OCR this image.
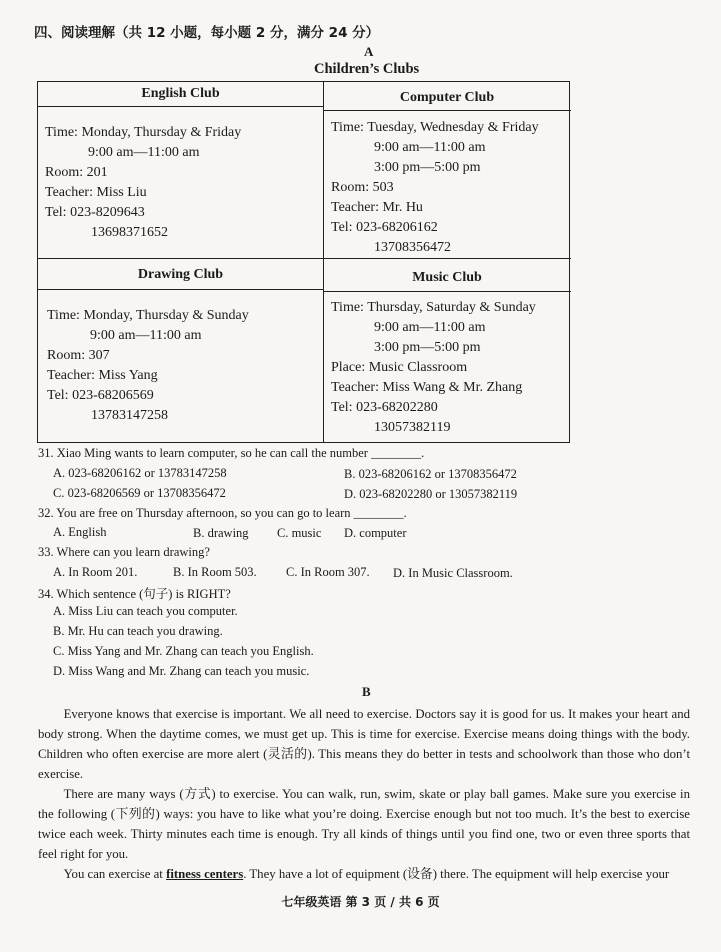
四、阅读理解（共 12 小题，每小题 2 分，满分 24 分）
A
Children’s Clubs
English Club
Time: Monday, Thursday & Friday
9:00 am—11:00 am
Room: 201
Teacher: Miss Liu
Tel: 023-8209643
13698371652
Computer Club
Time: Tuesday, Wednesday & Friday
9:00 am—11:00 am
3:00 pm—5:00 pm
Room: 503
Teacher: Mr. Hu
Tel: 023-68206162
13708356472
Drawing Club
Time: Monday, Thursday & Sunday
9:00 am—11:00 am
Room: 307
Teacher: Miss Yang
Tel: 023-68206569
13783147258
Music Club
Time: Thursday, Saturday & Sunday
9:00 am—11:00 am
3:00 pm—5:00 pm
Place: Music Classroom
Teacher: Miss Wang & Mr. Zhang
Tel: 023-68202280
13057382119
31. Xiao Ming wants to learn computer, so he can call the number ________.
A. 023-68206162 or 13783147258	B. 023-68206162 or 13708356472
C. 023-68206569 or 13708356472	D. 023-68202280 or 13057382119
32. You are free on Thursday afternoon, so you can go to learn ________.
A. English	B. drawing C. music D. computer
33. Where can you learn drawing?
A. In Room 201.	B. In Room 503. C. In Room 307. D. In Music Classroom.
34. Which sentence (句子) is RIGHT?
A. Miss Liu can teach you computer.
B. Mr. Hu can teach you drawing.
C. Miss Yang and Mr. Zhang can teach you English.
D. Miss Wang and Mr. Zhang can teach you music.
B

Everyone knows that exercise is important. We all need to exercise. Doctors say it is good for us. It makes your heart and body strong. When the daytime comes, we must get up. This is time for exercise. Exercise means doing things with the body. Children who often exercise are more alert (灵活的). This means they do better in tests and schoolwork than those who don’t exercise.

There are many ways (方式) to exercise. You can walk, run, swim, skate or play ball games. Make sure you exercise in the following (下列的) ways: you have to like what you’re doing. Exercise enough but not too much. It’s the best to exercise twice each week. Thirty minutes each time is enough. Try all kinds of things until you find one, two or even three sports that feel right for you.

You can exercise at fitness centers. They have a lot of equipment (设备) there. The equipment will help exercise your

七年级英语 第 3 页 / 共 6 页
